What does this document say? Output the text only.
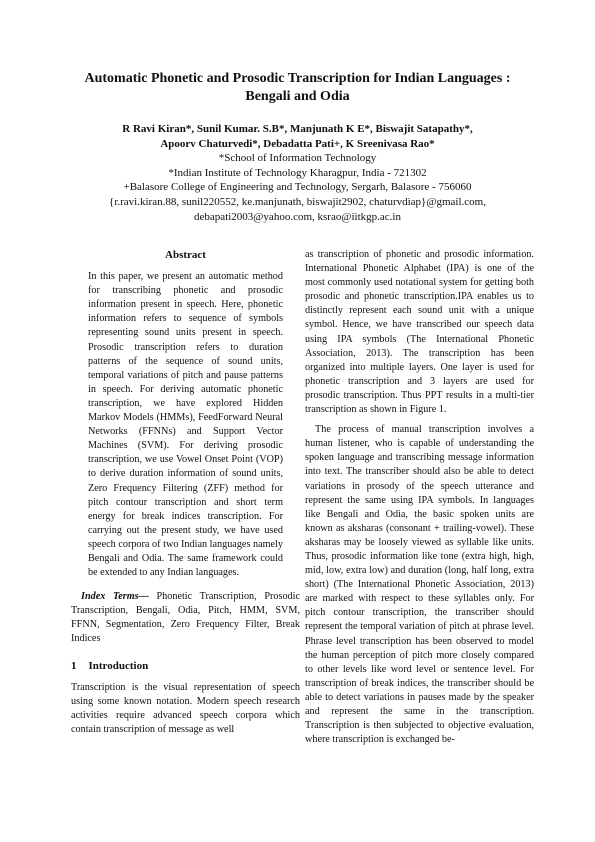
Automatic Phonetic and Prosodic Transcription for Indian Languages :
Bengali and Odia
R Ravi Kiran*, Sunil Kumar. S.B*, Manjunath K E*, Biswajit Satapathy*,
Apoorv Chaturvedi*, Debadatta Pati+, K Sreenivasa Rao*
*School of Information Technology
*Indian Institute of Technology Kharagpur, India - 721302
+Balasore College of Engineering and Technology, Sergarh, Balasore - 756060
{r.ravi.kiran.88, sunil220552, ke.manjunath, biswajit2902, chaturvdiap}@gmail.com,
debapati2003@yahoo.com, ksrao@iitkgp.ac.in
Abstract

In this paper, we present an automatic method for transcribing phonetic and prosodic information present in speech. Here, phonetic information refers to sequence of symbols representing sound units present in speech. Prosodic transcription refers to duration patterns of the sequence of sound units, temporal variations of pitch and pause patterns in speech. For deriving automatic phonetic transcription, we have explored Hidden Markov Models (HMMs), FeedForward Neural Networks (FFNNs) and Support Vector Machines (SVM). For deriving prosodic transcription, we use Vowel Onset Point (VOP) to derive duration information of sound units, Zero Frequency Filtering (ZFF) method for pitch contour transcription and short term energy for break indices transcription. For carrying out the present study, we have used speech corpora of two Indian languages namely Bengali and Odia. The same framework could be extended to any Indian languages.

Index Terms— Phonetic Transcription, Prosodic Transcription, Bengali, Odia, Pitch, HMM, SVM, FFNN, Segmentation, Zero Frequency Filter, Break Indices

1 Introduction

Transcription is the visual representation of speech using some known notation. Modern speech research activities require advanced speech corpora which contain transcription of message as well

as transcription of phonetic and prosodic information. International Phonetic Alphabet (IPA) is one of the most commonly used notational system for getting both prosodic and phonetic transcription.IPA enables us to distinctly represent each sound unit with a unique symbol. Hence, we have transcribed our speech data using IPA symbols (The International Phonetic Association, 2013). The transcription has been organized into multiple layers. One layer is used for phonetic transcription and 3 layers are used for prosodic transcription. Thus PPT results in a multi-tier transcription as shown in Figure 1.

The process of manual transcription involves a human listener, who is capable of understanding the spoken language and transcribing message information into text. The transcriber should also be able to detect variations in prosody of the speech utterance and represent the same using IPA symbols. In languages like Bengali and Odia, the basic spoken units are known as aksharas (consonant + trailing-vowel). These aksharas may be loosely viewed as syllable like units. Thus, prosodic information like tone (extra high, high, mid, low, extra low) and duration (long, half long, extra short) (The International Phonetic Association, 2013) are marked with respect to these syllables only. For pitch contour transcription, the transcriber should represent the temporal variation of pitch at phrase level. Phrase level transcription has been observed to model the human perception of pitch more closely compared to other levels like word level or sentence level. For transcription of break indices, the transcriber should be able to detect variations in pauses made by the speaker and represent the same in the transcription. Transcription is then subjected to objective evaluation, where transcription is exchanged be-
